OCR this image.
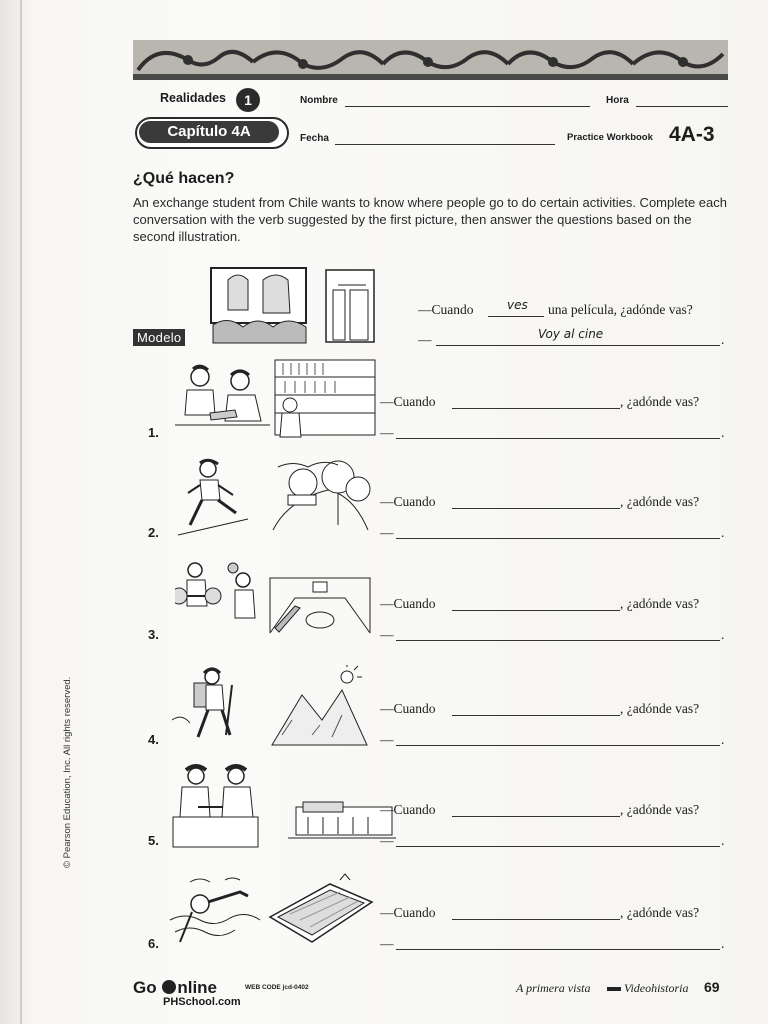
Realidades	1
Capítulo 4A
Nombre	Hora
Fecha	Practice Workbook 4A-3
¿Qué hacen?
An exchange student from Chile wants to know where people go to do certain activities. Complete each conversation with the verb suggested by the first picture, then answer the questions based on the second illustration.
Modelo
—Cuando	ves una película, ¿adónde vas?
—	Voy al cine	.
1.
—Cuando	, ¿adónde vas?
—	.
2.
—Cuando	, ¿adónde vas?
—	.
3.
—Cuando	, ¿adónde vas?
—	.
4.
—Cuando	, ¿adónde vas?
—	.
5.
—Cuando	, ¿adónde vas?
—	.
6.
—Cuando	, ¿adónde vas?
—	.
© Pearson Education, Inc. All rights reserved.
Go nline	WEB CODE jcd-0402
PHSchool.com
A primera vista	Videohistoria 69
